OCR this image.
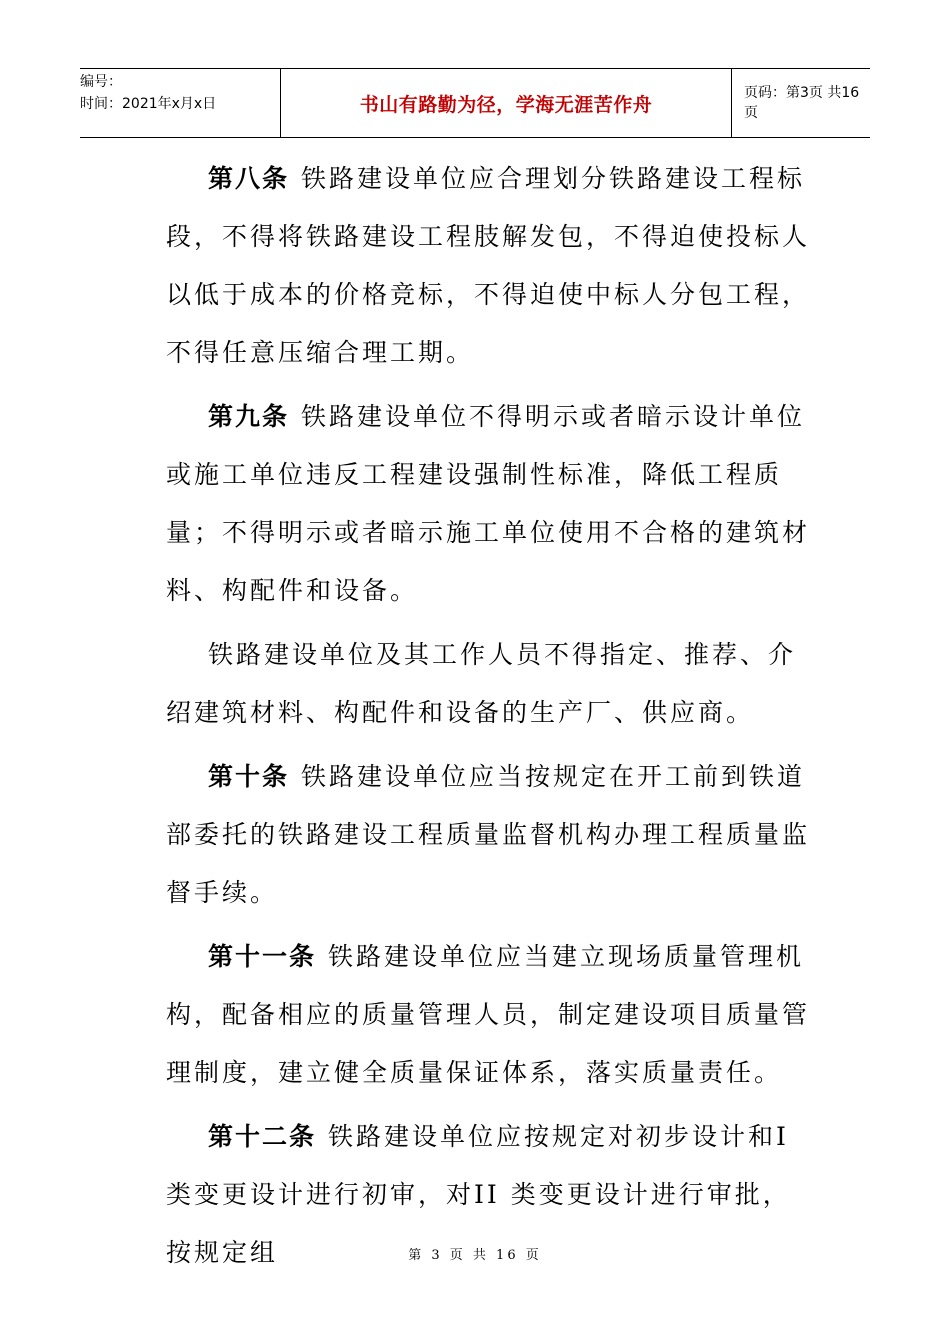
编号：
时间：2021年x月x日	书山有路勤为径，学海无涯苦作舟
页码：第3页 共16页

第八条 铁路建设单位应合理划分铁路建设工程标段，不得将铁路建设工程肢解发包，不得迫使投标人以低于成本的价格竞标，不得迫使中标人分包工程，不得任意压缩合理工期。

第九条 铁路建设单位不得明示或者暗示设计单位或施工单位违反工程建设强制性标准，降低工程质量；不得明示或者暗示施工单位使用不合格的建筑材料、构配件和设备。

铁路建设单位及其工作人员不得指定、推荐、介绍建筑材料、构配件和设备的生产厂、供应商。

第十条 铁路建设单位应当按规定在开工前到铁道部委托的铁路建设工程质量监督机构办理工程质量监督手续。

第十一条 铁路建设单位应当建立现场质量管理机构，配备相应的质量管理人员，制定建设项目质量管理制度，建立健全质量保证体系，落实质量责任。

第十二条 铁路建设单位应按规定对初步设计和I类变更设计进行初审，对II 类变更设计进行审批，按规定组	第 3 页 共 16 页
